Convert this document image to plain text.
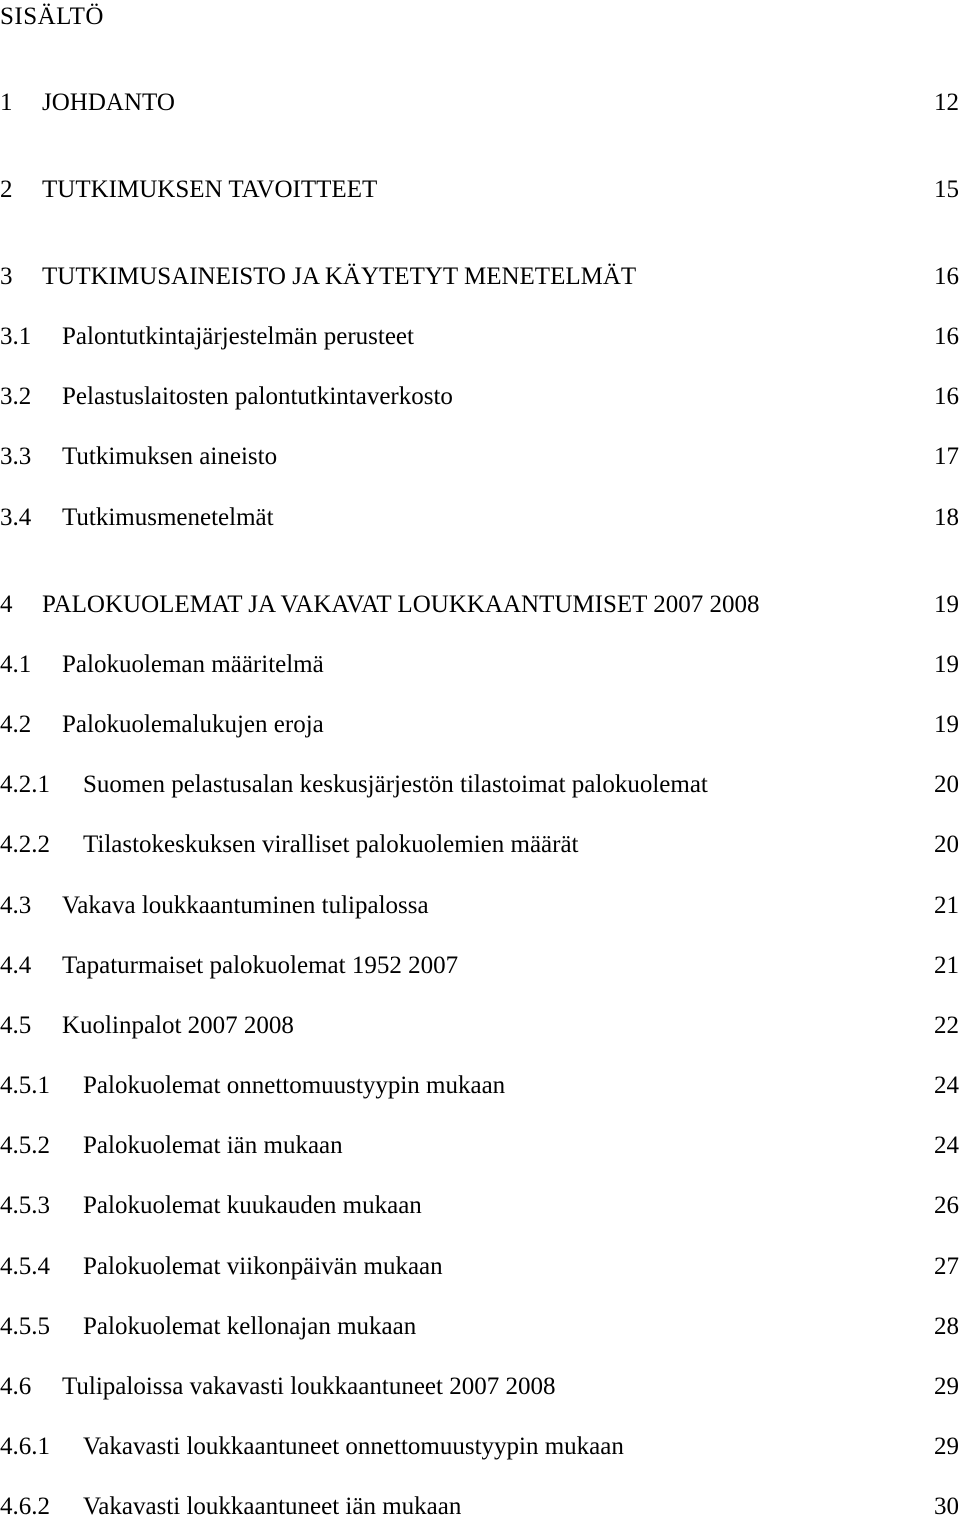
SISÄLTÖ
1 JOHDANTO	12
2 TUTKIMUKSEN TAVOITTEET	15
3 TUTKIMUSAINEISTO JA KÄYTETYT MENETELMÄT	16
3.1 Palontutkintajärjestelmän perusteet	16
3.2 Pelastuslaitosten palontutkintaverkosto	16
3.3 Tutkimuksen aineisto	17
3.4 Tutkimusmenetelmät	18
4 PALOKUOLEMAT JA VAKAVAT LOUKKAANTUMISET 2007 2008	19
4.1 Palokuoleman määritelmä	19
4.2 Palokuolemalukujen eroja	19
4.2.1 Suomen pelastusalan keskusjärjestön tilastoimat palokuolemat	20
4.2.2 Tilastokeskuksen viralliset palokuolemien määrät	20
4.3 Vakava loukkaantuminen tulipalossa	21
4.4 Tapaturmaiset palokuolemat 1952 2007	21
4.5 Kuolinpalot 2007 2008	22
4.5.1 Palokuolemat onnettomuustyypin mukaan	24
4.5.2 Palokuolemat iän mukaan	24
4.5.3 Palokuolemat kuukauden mukaan	26
4.5.4 Palokuolemat viikonpäivän mukaan	27
4.5.5 Palokuolemat kellonajan mukaan	28
4.6 Tulipaloissa vakavasti loukkaantuneet 2007 2008	29
4.6.1 Vakavasti loukkaantuneet onnettomuustyypin mukaan	29
4.6.2 Vakavasti loukkaantuneet iän mukaan	30
